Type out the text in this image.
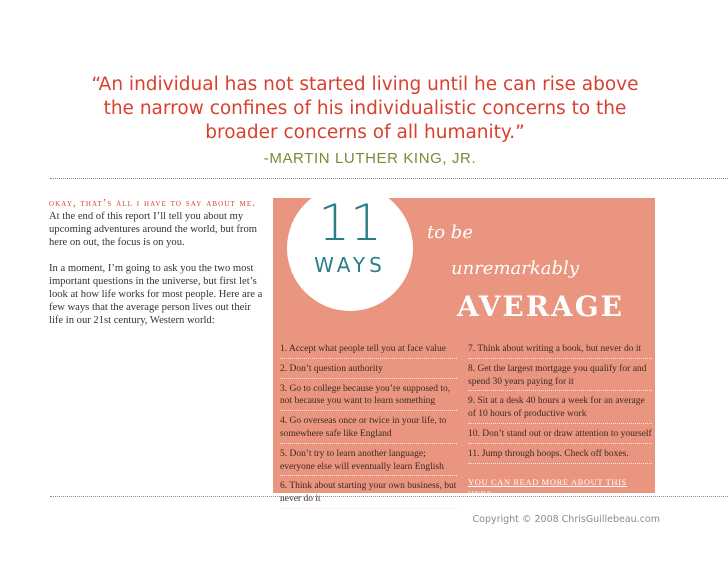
“An individual has not started living until he can rise above
the narrow confines of his individualistic concerns to the
broader concerns of all humanity.”
-MARTIN LUTHER KING, JR.

okay, that’s all i have to say about me. At the end of this report I’ll tell you about my upcoming adventures around the world, but from here on out, the focus is on you.

In a moment, I’m going to ask you the two most important questions in the universe, but first let’s look at how life works for most people. Here are a few ways that the average person lives out their life in our 21st century, Western world:

11
WAYS
to be
unremarkably
AVERAGE
1. Accept what people tell you at face value
2. Don’t question authority
3. Go to college because you’re supposed to, not because you want to learn something
4. Go overseas once or twice in your life, to somewhere safe like England
5. Don’t try to learn another language; everyone else will eventually learn English
6. Think about starting your own business, but never do it
7. Think about writing a book, but never do it
8. Get the largest mortgage you qualify for and spend 30 years paying for it
9. Sit at a desk 40 hours a week for an average of 10 hours of productive work
10. Don’t stand out or draw attention to yourself
11. Jump through hoops. Check off boxes.
YOU CAN READ MORE ABOUT THIS HERE
Copyright © 2008 ChrisGuillebeau.com
